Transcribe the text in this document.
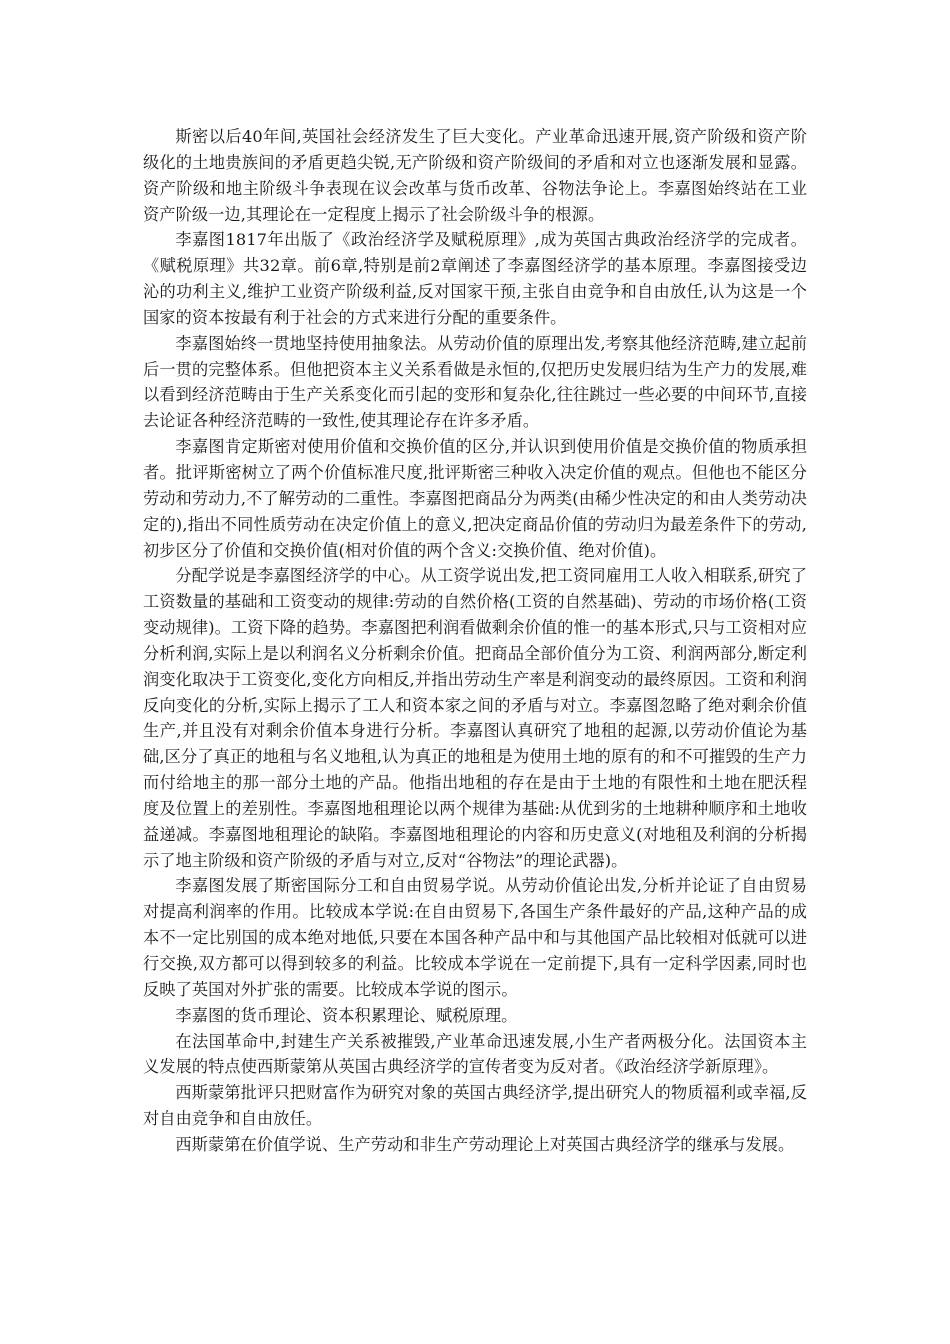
斯密以后40年间,英国社会经济发生了巨大变化。产业革命迅速开展,资产阶级和资产阶级化的土地贵族间的矛盾更趋尖锐,无产阶级和资产阶级间的矛盾和对立也逐渐发展和显露。资产阶级和地主阶级斗争表现在议会改革与货币改革、谷物法争论上。李嘉图始终站在工业资产阶级一边,其理论在一定程度上揭示了社会阶级斗争的根源。

李嘉图1817年出版了《政治经济学及赋税原理》,成为英国古典政治经济学的完成者。《赋税原理》共32章。前6章,特别是前2章阐述了李嘉图经济学的基本原理。李嘉图接受边沁的功利主义,维护工业资产阶级利益,反对国家干预,主张自由竞争和自由放任,认为这是一个国家的资本按最有利于社会的方式来进行分配的重要条件。

李嘉图始终一贯地坚持使用抽象法。从劳动价值的原理出发,考察其他经济范畴,建立起前后一贯的完整体系。但他把资本主义关系看做是永恒的,仅把历史发展归结为生产力的发展,难以看到经济范畴由于生产关系变化而引起的变形和复杂化,往往跳过一些必要的中间环节,直接去论证各种经济范畴的一致性,使其理论存在许多矛盾。

李嘉图肯定斯密对使用价值和交换价值的区分,并认识到使用价值是交换价值的物质承担者。批评斯密树立了两个价值标准尺度,批评斯密三种收入决定价值的观点。但他也不能区分劳动和劳动力,不了解劳动的二重性。李嘉图把商品分为两类(由稀少性决定的和由人类劳动决定的),指出不同性质劳动在决定价值上的意义,把决定商品价值的劳动归为最差条件下的劳动,初步区分了价值和交换价值(相对价值的两个含义:交换价值、绝对价值)。

分配学说是李嘉图经济学的中心。从工资学说出发,把工资同雇用工人收入相联系,研究了工资数量的基础和工资变动的规律:劳动的自然价格(工资的自然基础)、劳动的市场价格(工资变动规律)。工资下降的趋势。李嘉图把利润看做剩余价值的惟一的基本形式,只与工资相对应分析利润,实际上是以利润名义分析剩余价值。把商品全部价值分为工资、利润两部分,断定利润变化取决于工资变化,变化方向相反,并指出劳动生产率是利润变动的最终原因。工资和利润反向变化的分析,实际上揭示了工人和资本家之间的矛盾与对立。李嘉图忽略了绝对剩余价值生产,并且没有对剩余价值本身进行分析。李嘉图认真研究了地租的起源,以劳动价值论为基础,区分了真正的地租与名义地租,认为真正的地租是为使用土地的原有的和不可摧毁的生产力而付给地主的那一部分土地的产品。他指出地租的存在是由于土地的有限性和土地在肥沃程度及位置上的差别性。李嘉图地租理论以两个规律为基础:从优到劣的土地耕种顺序和土地收益递减。李嘉图地租理论的缺陷。李嘉图地租理论的内容和历史意义(对地租及利润的分析揭示了地主阶级和资产阶级的矛盾与对立,反对“谷物法”的理论武器)。

李嘉图发展了斯密国际分工和自由贸易学说。从劳动价值论出发,分析并论证了自由贸易对提高利润率的作用。比较成本学说:在自由贸易下,各国生产条件最好的产品,这种产品的成本不一定比别国的成本绝对地低,只要在本国各种产品中和与其他国产品比较相对低就可以进行交换,双方都可以得到较多的利益。比较成本学说在一定前提下,具有一定科学因素,同时也反映了英国对外扩张的需要。比较成本学说的图示。

李嘉图的货币理论、资本积累理论、赋税原理。

在法国革命中,封建生产关系被摧毁,产业革命迅速发展,小生产者两极分化。法国资本主义发展的特点使西斯蒙第从英国古典经济学的宣传者变为反对者。《政治经济学新原理》。

西斯蒙第批评只把财富作为研究对象的英国古典经济学,提出研究人的物质福利或幸福,反对自由竞争和自由放任。

西斯蒙第在价值学说、生产劳动和非生产劳动理论上对英国古典经济学的继承与发展。
